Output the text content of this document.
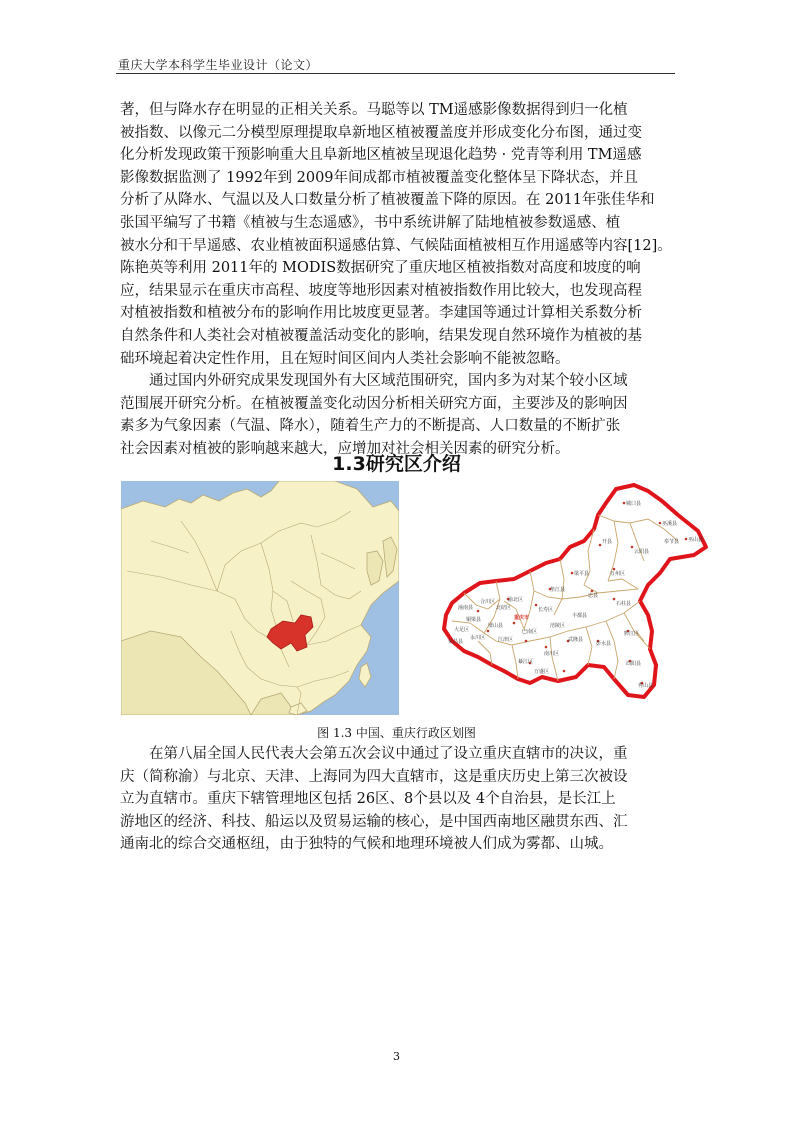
重庆大学本科学生毕业设计（论文）
著，但与降水存在明显的正相关关系。马聪等以 TM遥感影像数据得到归一化植
被指数、以像元二分模型原理提取阜新地区植被覆盖度并形成变化分布图，通过变
化分析发现政策干预影响重大且阜新地区植被呈现退化趋势 · 党青等利用 TM遥感
影像数据监测了 1992年到 2009年间成都市植被覆盖变化整体呈下降状态，并且
分析了从降水、气温以及人口数量分析了植被覆盖下降的原因。在 2011年张佳华和
张国平编写了书籍《植被与生态遥感》，书中系统讲解了陆地植被参数遥感、植
被水分和干旱遥感、农业植被面积遥感估算、气候陆面植被相互作用遥感等内容[12]。
陈艳英等利用 2011年的 MODIS数据研究了重庆地区植被指数对高度和坡度的响
应，结果显示在重庆市高程、坡度等地形因素对植被指数作用比较大，也发现高程
对植被指数和植被分布的影响作用比坡度更显著。李建国等通过计算相关系数分析
自然条件和人类社会对植被覆盖活动变化的影响，结果发现自然环境作为植被的基
础环境起着决定性作用，且在短时间区间内人类社会影响不能被忽略。
通过国内外研究成果发现国外有大区域范围研究，国内多为对某个较小区域
范围展开研究分析。在植被覆盖变化动因分析相关研究方面，主要涉及的影响因
素多为气象因素（气温、降水），随着生产力的不断提高、人口数量的不断扩张
社会因素对植被的影响越来越大，应增加对社会相关因素的研究分析。
1.3研究区介绍
城口县
巫溪县
巫山县
开县
云阳县
奉节县
万州区
梁平县
忠县
垫江县
石柱县
长寿区
涪陵区
丰都县
武隆县
彭水县
黔江区
酉阳县
秀山县
渝北区
重庆市
北碚区
合川区
潼南县
铜梁县
璧山县
永川区
大足区
荣昌县	江津区
綦江区
南川区
巴南区
万盛区
图 1.3 中国、重庆行政区划图
在第八届全国人民代表大会第五次会议中通过了设立重庆直辖市的决议，重
庆（简称渝）与北京、天津、上海同为四大直辖市，这是重庆历史上第三次被设
立为直辖市。重庆下辖管理地区包括 26区、8个县以及 4个自治县，是长江上
游地区的经济、科技、船运以及贸易运输的核心，是中国西南地区融贯东西、汇
通南北的综合交通枢纽，由于独特的气候和地理环境被人们成为雾都、山城。
3
